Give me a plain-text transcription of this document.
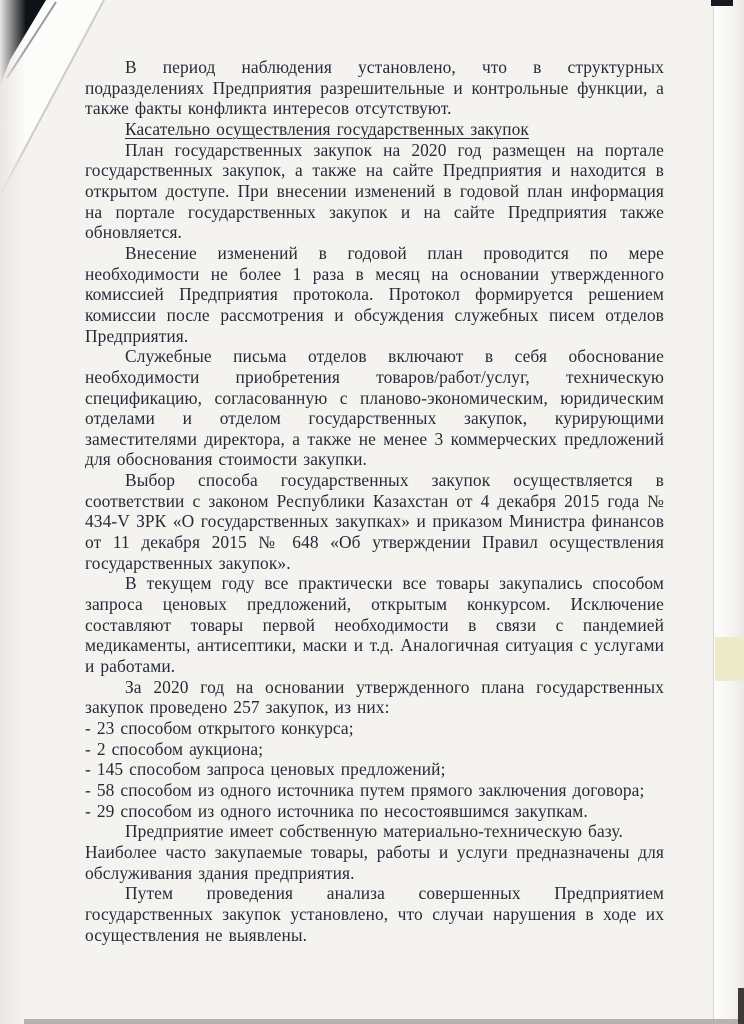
В период наблюдения установлено, что в структурных подразделениях Предприятия разрешительные и контрольные функции, а также факты конфликта интересов отсутствуют.

Касательно осуществления государственных закупок

План государственных закупок на 2020 год размещен на портале государственных закупок, а также на сайте Предприятия и находится в открытом доступе. При внесении изменений в годовой план информация на портале государственных закупок и на сайте Предприятия также обновляется.

Внесение изменений в годовой план проводится по мере необходимости не более 1 раза в месяц на основании утвержденного комиссией Предприятия протокола. Протокол формируется решением комиссии после рассмотрения и обсуждения служебных писем отделов Предприятия.

Служебные письма отделов включают в себя обоснование необходимости приобретения товаров/работ/услуг, техническую спецификацию, согласованную с планово-экономическим, юридическим отделами и отделом государственных закупок, курирующими заместителями директора, а также не менее 3 коммерческих предложений для обоснования стоимости закупки.

Выбор способа государственных закупок осуществляется в соответствии с законом Республики Казахстан от 4 декабря 2015 года № 434-V ЗРК «О государственных закупках» и приказом Министра финансов от 11 декабря 2015 № 648 «Об утверждении Правил осуществления государственных закупок».

В текущем году все практически все товары закупались способом запроса ценовых предложений, открытым конкурсом. Исключение составляют товары первой необходимости в связи с пандемией медикаменты, антисептики, маски и т.д. Аналогичная ситуация с услугами и работами.

За 2020 год на основании утвержденного плана государственных закупок проведено 257 закупок, из них:

- 23 способом открытого конкурса;

- 2 способом аукциона;

- 145 способом запроса ценовых предложений;

- 58 способом из одного источника путем прямого заключения договора;

- 29 способом из одного источника по несостоявшимся закупкам.

Предприятие имеет собственную материально-техническую базу.

Наиболее часто закупаемые товары, работы и услуги предназначены для обслуживания здания предприятия.

Путем проведения анализа совершенных Предприятием государственных закупок установлено, что случаи нарушения в ходе их осуществления не выявлены.
